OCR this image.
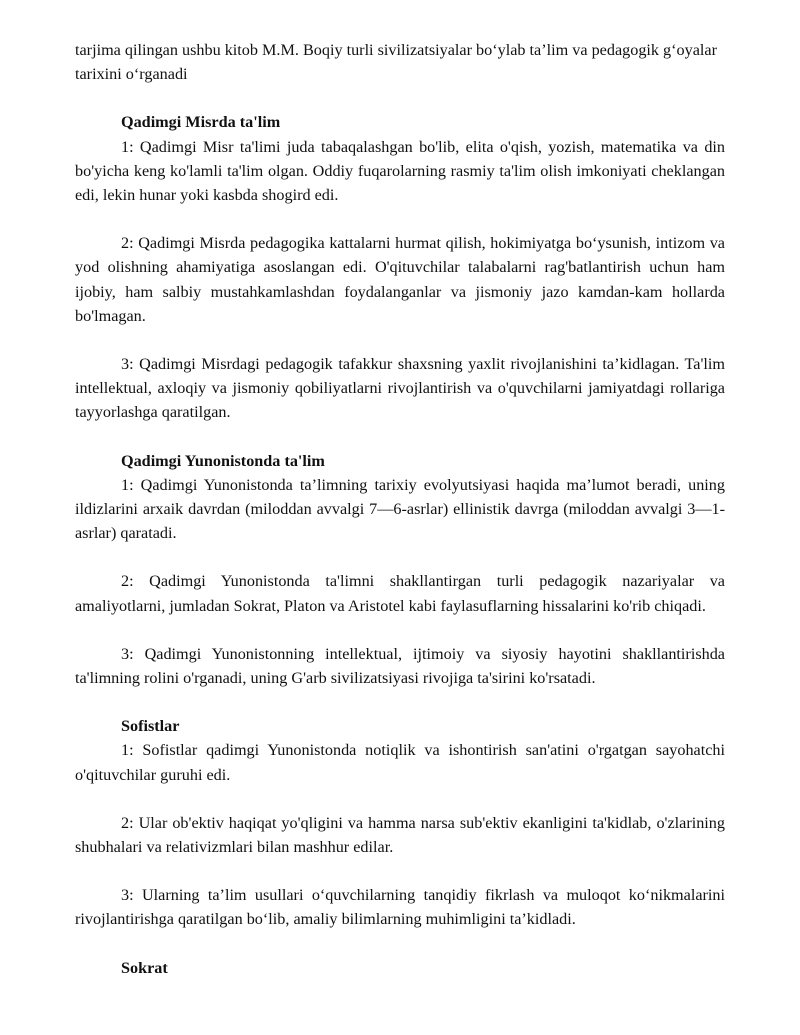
tarjima qilingan ushbu kitob M.M. Boqiy turli sivilizatsiyalar bo‘ylab ta’lim va pedagogik g‘oyalar tarixini o‘rganadi

Qadimgi Misrda ta'lim

1: Qadimgi Misr ta'limi juda tabaqalashgan bo'lib, elita o'qish, yozish, matematika va din bo'yicha keng ko'lamli ta'lim olgan. Oddiy fuqarolarning rasmiy ta'lim olish imkoniyati cheklangan edi, lekin hunar yoki kasbda shogird edi.

2: Qadimgi Misrda pedagogika kattalarni hurmat qilish, hokimiyatga bo‘ysunish, intizom va yod olishning ahamiyatiga asoslangan edi. O'qituvchilar talabalarni rag'batlantirish uchun ham ijobiy, ham salbiy mustahkamlashdan foydalanganlar va jismoniy jazo kamdan-kam hollarda bo'lmagan.

3: Qadimgi Misrdagi pedagogik tafakkur shaxsning yaxlit rivojlanishini ta’kidlagan. Ta'lim intellektual, axloqiy va jismoniy qobiliyatlarni rivojlantirish va o'quvchilarni jamiyatdagi rollariga tayyorlashga qaratilgan.

Qadimgi Yunonistonda ta'lim

1: Qadimgi Yunonistonda ta’limning tarixiy evolyutsiyasi haqida ma’lumot beradi, uning ildizlarini arxaik davrdan (miloddan avvalgi 7—6-asrlar) ellinistik davrga (miloddan avvalgi 3—1-asrlar) qaratadi.

2: Qadimgi Yunonistonda ta'limni shakllantirgan turli pedagogik nazariyalar va amaliyotlarni, jumladan Sokrat, Platon va Aristotel kabi faylasuflarning hissalarini ko'rib chiqadi.

3: Qadimgi Yunonistonning intellektual, ijtimoiy va siyosiy hayotini shakllantirishda ta'limning rolini o'rganadi, uning G'arb sivilizatsiyasi rivojiga ta'sirini ko'rsatadi.

Sofistlar

1: Sofistlar qadimgi Yunonistonda notiqlik va ishontirish san'atini o'rgatgan sayohatchi o'qituvchilar guruhi edi.

2: Ular ob'ektiv haqiqat yo'qligini va hamma narsa sub'ektiv ekanligini ta'kidlab, o'zlarining shubhalari va relativizmlari bilan mashhur edilar.

3: Ularning ta’lim usullari o‘quvchilarning tanqidiy fikrlash va muloqot ko‘nikmalarini rivojlantirishga qaratilgan bo‘lib, amaliy bilimlarning muhimligini ta’kidladi.

Sokrat
